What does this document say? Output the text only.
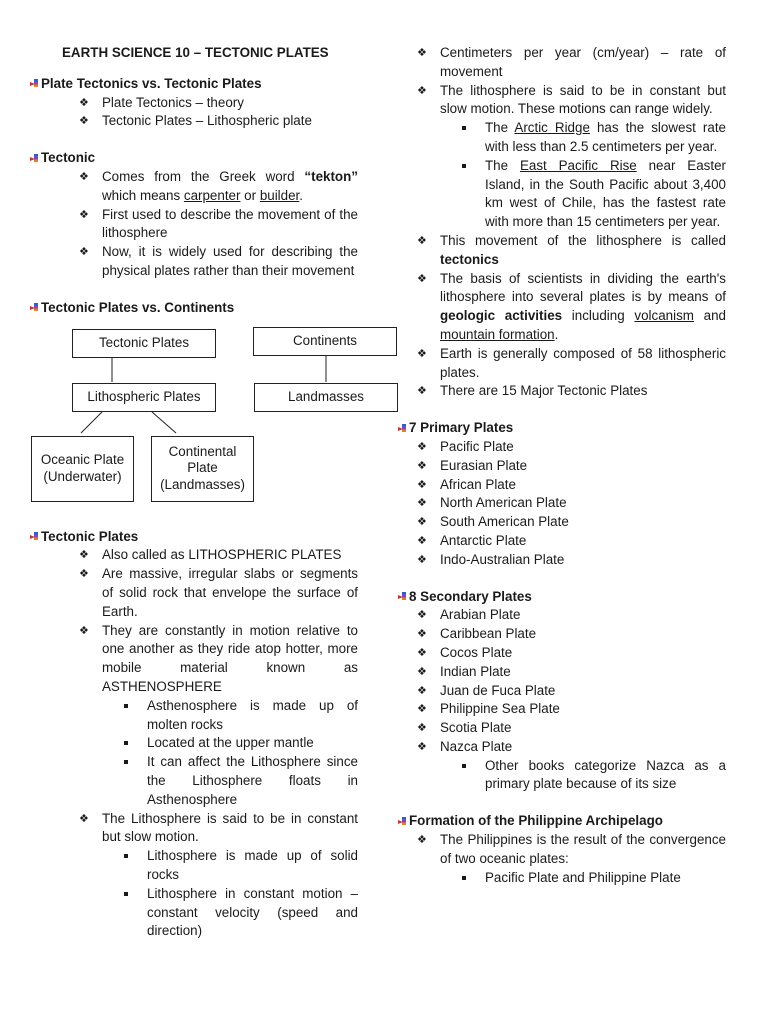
EARTH SCIENCE 10 – TECTONIC PLATES
Plate Tectonics vs. Tectonic Plates
❖ Plate Tectonics – theory
❖ Tectonic Plates – Lithospheric plate
Tectonic
❖ Comes from the Greek word “tekton” which means carpenter or builder.
❖ First used to describe the movement of the lithosphere
❖ Now, it is widely used for describing the physical plates rather than their movement
Tectonic Plates vs. Continents
Tectonic Plates	Continents
Lithospheric Plates	Landmasses
Oceanic Plate
(Underwater)
Continental
Plate
(Landmasses)
Tectonic Plates
❖ Also called as LITHOSPHERIC PLATES
❖ Are massive, irregular slabs or segments of solid rock that envelope the surface of Earth.
❖ They are constantly in motion relative to one another as they ride atop hotter, more mobile material known as ASTHENOSPHERE
Asthenosphere is made up of molten rocks
Located at the upper mantle
It can affect the Lithosphere since the Lithosphere floats in Asthenosphere
❖ The Lithosphere is said to be in constant but slow motion.
Lithosphere is made up of solid rocks
Lithosphere in constant motion – constant velocity (speed and direction)
❖ Centimeters per year (cm/year) – rate of movement
❖ The lithosphere is said to be in constant but slow motion. These motions can range widely.
The Arctic Ridge has the slowest rate with less than 2.5 centimeters per year.
The East Pacific Rise near Easter Island, in the South Pacific about 3,400 km west of Chile, has the fastest rate with more than 15 centimeters per year.
❖ This movement of the lithosphere is called tectonics
❖ The basis of scientists in dividing the earth's lithosphere into several plates is by means of geologic activities including volcanism and mountain formation.
❖ Earth is generally composed of 58 lithospheric plates.
❖ There are 15 Major Tectonic Plates
7 Primary Plates
❖ Pacific Plate
❖ Eurasian Plate
❖ African Plate
❖ North American Plate
❖ South American Plate
❖ Antarctic Plate
❖ Indo-Australian Plate
8 Secondary Plates
❖ Arabian Plate
❖ Caribbean Plate
❖ Cocos Plate
❖ Indian Plate
❖ Juan de Fuca Plate
❖ Philippine Sea Plate
❖ Scotia Plate
❖ Nazca Plate
Other books categorize Nazca as a primary plate because of its size
Formation of the Philippine Archipelago
❖ The Philippines is the result of the convergence of two oceanic plates:
Pacific Plate and Philippine Plate
